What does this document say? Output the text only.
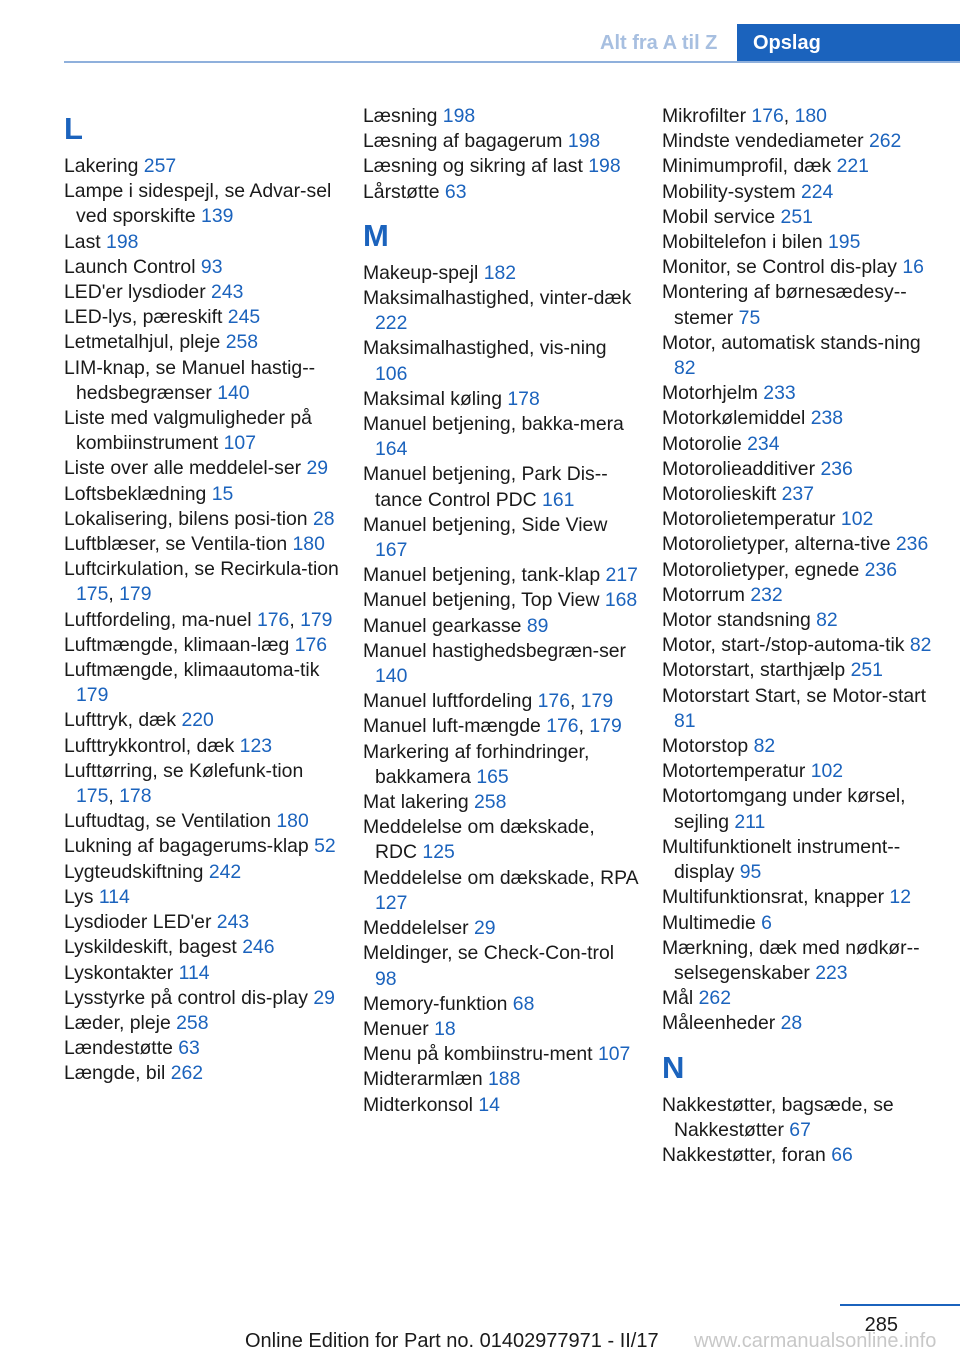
Alt fra A til Z	Opslag
L
Lakering 257
Lampe i sidespejl, se Advar-sel ved sporskifte 139
Last 198
Launch Control 93
LED'er lysdioder 243
LED-lys, pæreskift 245
Letmetalhjul, pleje 258
LIM-knap, se Manuel hastig-hedsbegrænser 140
Liste med valgmuligheder på kombiinstrument 107
Liste over alle meddelel-ser 29
Loftsbeklædning 15
Lokalisering, bilens posi-tion 28
Luftblæser, se Ventila-tion 180
Luftcirkulation, se Recirkula-tion 175, 179
Luftfordeling, ma-nuel 176, 179
Luftmængde, klimaan-læg 176
Luftmængde, klimaautoma-tik 179
Lufttryk, dæk 220
Lufttrykkontrol, dæk 123
Lufttørring, se Kølefunk-tion 175, 178
Luftudtag, se Ventilation 180
Lukning af bagagerums-klap 52
Lygteudskiftning 242
Lys 114
Lysdioder LED'er 243
Lyskildeskift, bagest 246
Lyskontakter 114
Lysstyrke på control dis-play 29
Læder, pleje 258
Lændestøtte 63
Længde, bil 262
Læsning 198
Læsning af bagagerum 198
Læsning og sikring af last 198
Lårstøtte 63
M
Makeup-spejl 182
Maksimalhastighed, vinter-dæk 222
Maksimalhastighed, vis-ning 106
Maksimal køling 178
Manuel betjening, bakka-mera 164
Manuel betjening, Park Dis-tance Control PDC 161
Manuel betjening, Side View 167
Manuel betjening, tank-klap 217
Manuel betjening, Top View 168
Manuel gearkasse 89
Manuel hastighedsbegræn-ser 140
Manuel luftfordeling 176, 179
Manuel luft-mængde 176, 179
Markering af forhindringer, bakkamera 165
Mat lakering 258
Meddelelse om dækskade, RDC 125
Meddelelse om dækskade, RPA 127
Meddelelser 29
Meldinger, se Check-Con-trol 98
Memory-funktion 68
Menuer 18
Menu på kombiinstru-ment 107
Midterarmlæn 188
Midterkonsol 14
Mikrofilter 176, 180
Mindste vendediameter 262
Minimumprofil, dæk 221
Mobility-system 224
Mobil service 251
Mobiltelefon i bilen 195
Monitor, se Control dis-play 16
Montering af børnesædesy-stemer 75
Motor, automatisk stands-ning 82
Motorhjelm 233
Motorkølemiddel 238
Motorolie 234
Motorolieadditiver 236
Motorolieskift 237
Motorolietemperatur 102
Motorolietyper, alterna-tive 236
Motorolietyper, egnede 236
Motorrum 232
Motor standsning 82
Motor, start-/stop-automa-tik 82
Motorstart, starthjælp 251
Motorstart Start, se Motor-start 81
Motorstop 82
Motortemperatur 102
Motortomgang under kørsel, sejling 211
Multifunktionelt instrument-display 95
Multifunktionsrat, knapper 12
Multimedie 6
Mærkning, dæk med nødkør-selsegenskaber 223
Mål 262
Måleenheder 28
N
Nakkestøtter, bagsæde, se Nakkestøtter 67
Nakkestøtter, foran 66
285
Online Edition for Part no. 01402977971 - II/17 www.carmanualsonline.info
